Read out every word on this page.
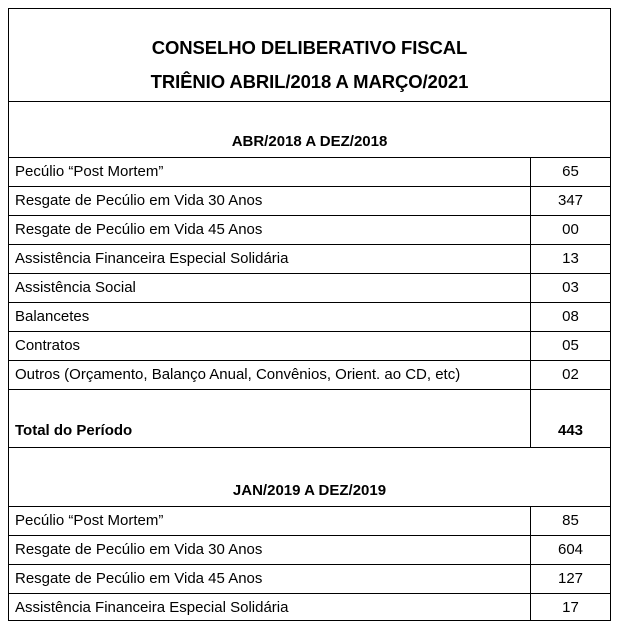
CONSELHO DELIBERATIVO FISCAL
TRIÊNIO ABRIL/2018 A MARÇO/2021
ABR/2018 A DEZ/2018
Pecúlio “Post Mortem”	65
Resgate de Pecúlio em Vida 30 Anos	347
Resgate de Pecúlio em Vida 45 Anos	00
Assistência Financeira Especial Solidária	13
Assistência Social	03
Balancetes	08
Contratos	05
Outros (Orçamento, Balanço Anual, Convênios, Orient. ao CD, etc)	02
Total do Período	443
JAN/2019 A DEZ/2019
Pecúlio “Post Mortem”	85
Resgate de Pecúlio em Vida 30 Anos	604
Resgate de Pecúlio em Vida 45 Anos	127
Assistência Financeira Especial Solidária	17
